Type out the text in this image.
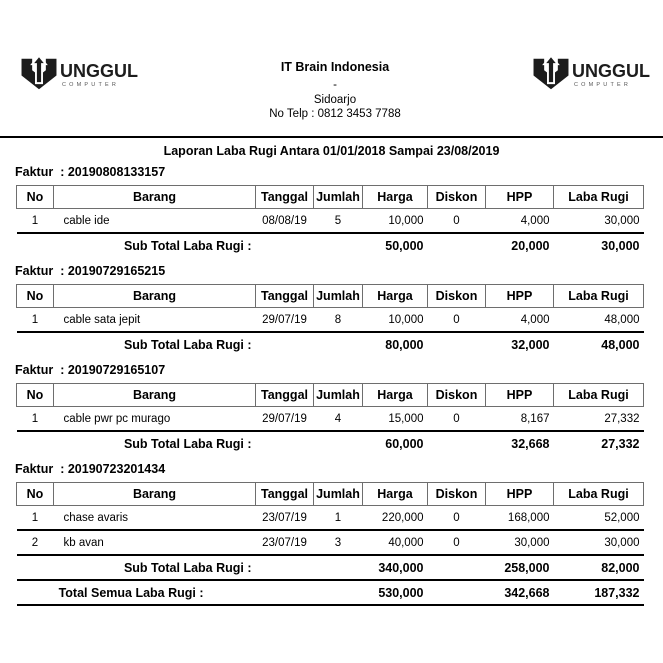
UNGGUL
COMPUTER
IT Brain Indonesia
-
Sidoarjo
No Telp : 0812 3453 7788
UNGGUL
COMPUTER
Laporan Laba Rugi Antara 01/01/2018 Sampai 23/08/2019
Faktur : 20190808133157
No	Barang	Tanggal	Jumlah	Harga	Diskon	HPP	Laba Rugi
1	cable ide	08/08/19	5	10,000	0	4,000	30,000
Sub Total Laba Rugi :				50,000		20,000	30,000
Faktur : 20190729165215
No	Barang	Tanggal	Jumlah	Harga	Diskon	HPP	Laba Rugi
1	cable sata jepit	29/07/19	8	10,000	0	4,000	48,000
Sub Total Laba Rugi :				80,000		32,000	48,000
Faktur : 20190729165107
No	Barang	Tanggal	Jumlah	Harga	Diskon	HPP	Laba Rugi
1	cable pwr pc murago	29/07/19	4	15,000	0	8,167	27,332
Sub Total Laba Rugi :				60,000		32,668	27,332
Faktur : 20190723201434
No	Barang	Tanggal	Jumlah	Harga	Diskon	HPP	Laba Rugi
1	chase avaris	23/07/19	1	220,000	0	168,000	52,000
2	kb avan	23/07/19	3	40,000	0	30,000	30,000
Sub Total Laba Rugi :				340,000		258,000	82,000
Total Semua Laba Rugi :				530,000		342,668	187,332
